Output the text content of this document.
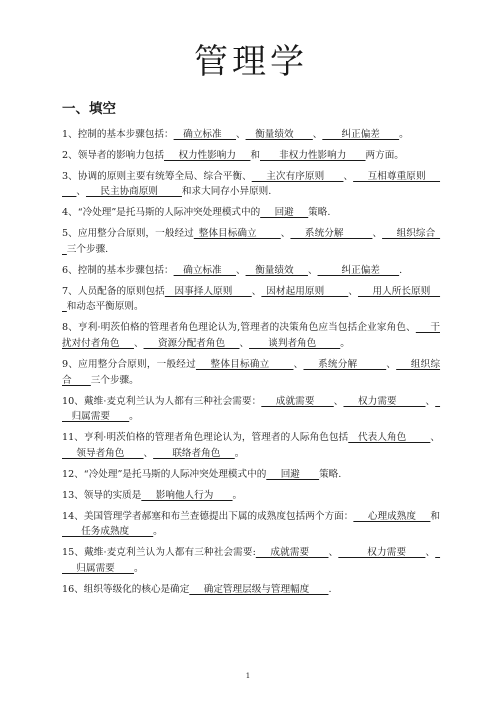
管理学
一、填空
1、控制的基本步骤包括：__确立标准___、__衡量绩效____、____纠正偏差____。
2、领导者的影响力包括___权力性影响力___和____非权力性影响力____两方面。
3、协调的原则主要有统筹全局、综合平衡、___主次有序原则____、___互相尊重原则______、___民主协商原则_____和求大同存小异原则.
4、“冷处理”是托马斯的人际冲突处理模式中的___回避___策略.
5、应用整分合原则，一般经过_整体目标确立_____、___系统分解______、___组织综合__三个步骤.
6、控制的基本步骤包括：__确立标准___、__衡量绩效___、_____纠正偏差____.
7、人员配备的原则包括__因事择人原则____、_因材起用原则_____、___用人所长原则___和动态平衡原则。
8、亨利·明茨伯格的管理者角色理论认为,管理者的决策角色应当包括企业家角色、___干扰对付者角色___、___资源分配者角色___、____谈判者角色_____。
9、应用整分合原则，一般经过___整体目标确立_____、___系统分解______、___组织综合____三个步骤。
10、戴维·麦克利兰认为人都有三种社会需要：___成就需要____、___权力需要______、___归属需要____。
11、亨利·明茨伯格的管理者角色理论认为，管理者的人际角色包括__代表人角色_____、___领导者角色____、____联络者角色___。
12、“冷处理”是托马斯的人际冲突处理模式中的___回避____策略.
13、领导的实质是___影响他人行为____。
14、美国管理学者郝塞和布兰查德提出下属的成熟度包括两个方面：___心理成熟度___和____任务成熟度_____。
15、戴维·麦克利兰认为人都有三种社会需要:___成就需要____、______权力需要____、____归属需要____。
16、组织等级化的核心是确定___确定管理层级与管理幅度____.
1
